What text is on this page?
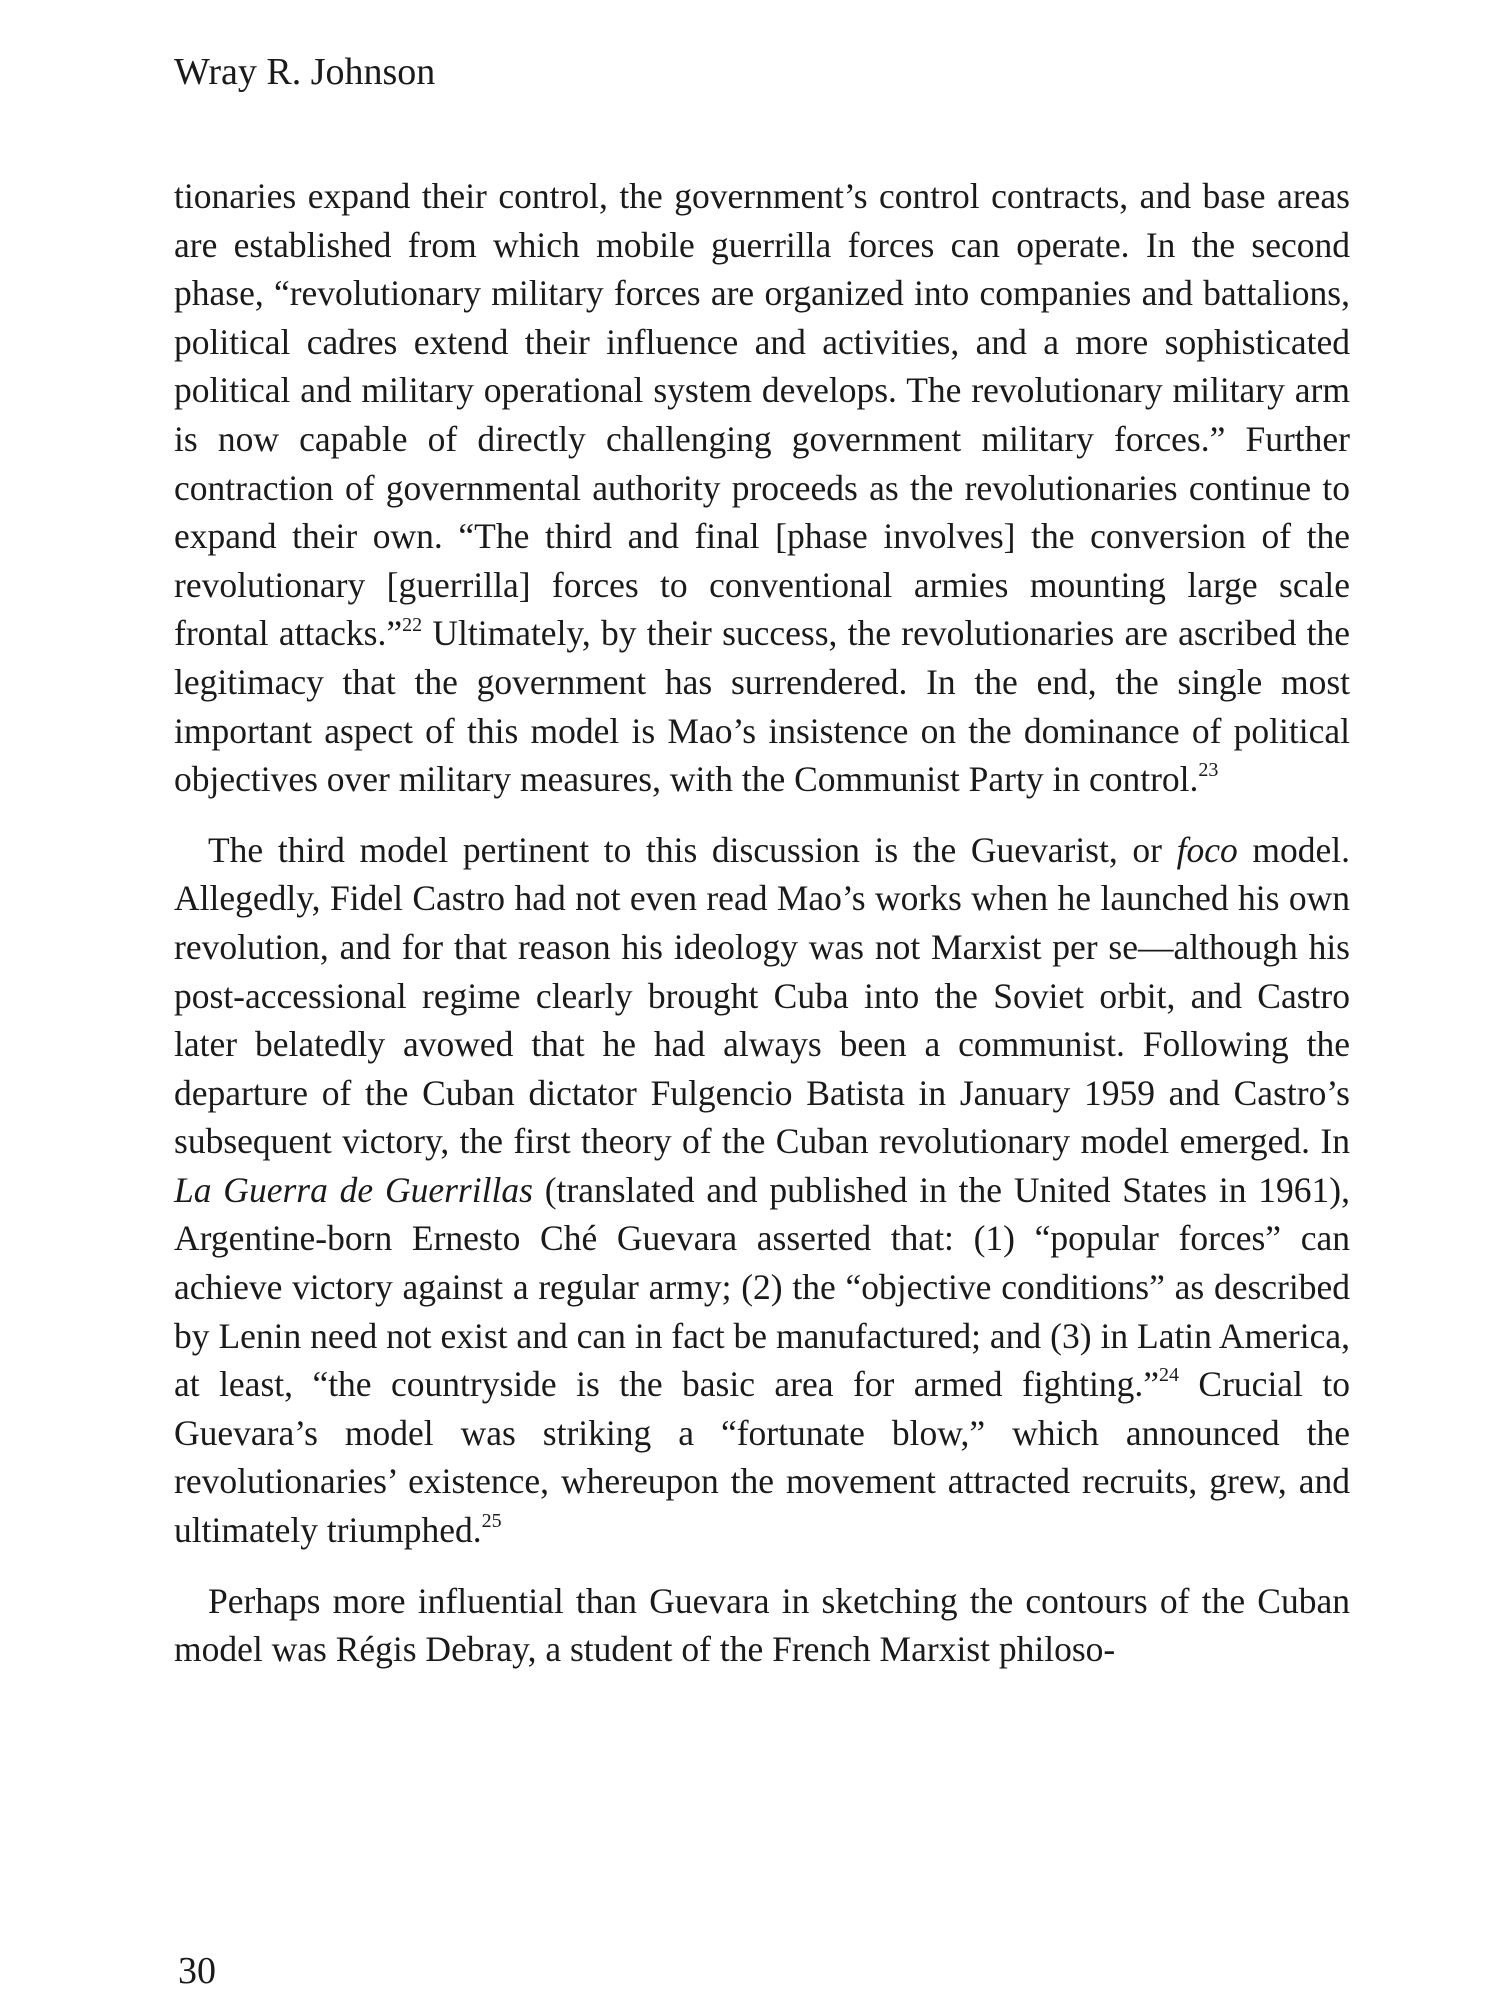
Wray R. Johnson

tionaries expand their control, the government’s control contracts, and base areas are established from which mobile guerrilla forces can operate. In the second phase, “revolutionary military forces are organized into companies and battalions, political cadres extend their influence and activities, and a more sophisticated political and military operational system develops. The revolutionary military arm is now capable of directly challenging government military forces.” Further contraction of governmental authority proceeds as the revolutionaries continue to expand their own. “The third and final [phase involves] the conversion of the revolutionary [guerrilla] forces to conventional armies mounting large scale frontal attacks.”$^{22}$ Ultimately, by their success, the revolutionaries are ascribed the legitimacy that the government has surrendered. In the end, the single most important aspect of this model is Mao’s insistence on the dominance of political objectives over military measures, with the Communist Party in control.$^{23}$

The third model pertinent to this discussion is the Guevarist, or foco model. Allegedly, Fidel Castro had not even read Mao’s works when he launched his own revolution, and for that reason his ideology was not Marxist per se—although his post-accessional regime clearly brought Cuba into the Soviet orbit, and Castro later belatedly avowed that he had always been a communist. Following the departure of the Cuban dictator Fulgencio Batista in January 1959 and Castro’s subsequent victory, the first theory of the Cuban revolutionary model emerged. In La Guerra de Guerrillas (translated and published in the United States in 1961), Argentine-born Ernesto Ché Guevara asserted that: (1) “popular forces” can achieve victory against a regular army; (2) the “objective conditions” as described by Lenin need not exist and can in fact be manufactured; and (3) in Latin America, at least, “the countryside is the basic area for armed fighting.”$^{24}$ Crucial to Guevara’s model was striking a “fortunate blow,” which announced the revolutionaries’ existence, whereupon the movement attracted recruits, grew, and ultimately triumphed.$^{25}$

Perhaps more influential than Guevara in sketching the contours of the Cuban model was Régis Debray, a student of the French Marxist philoso-

30
